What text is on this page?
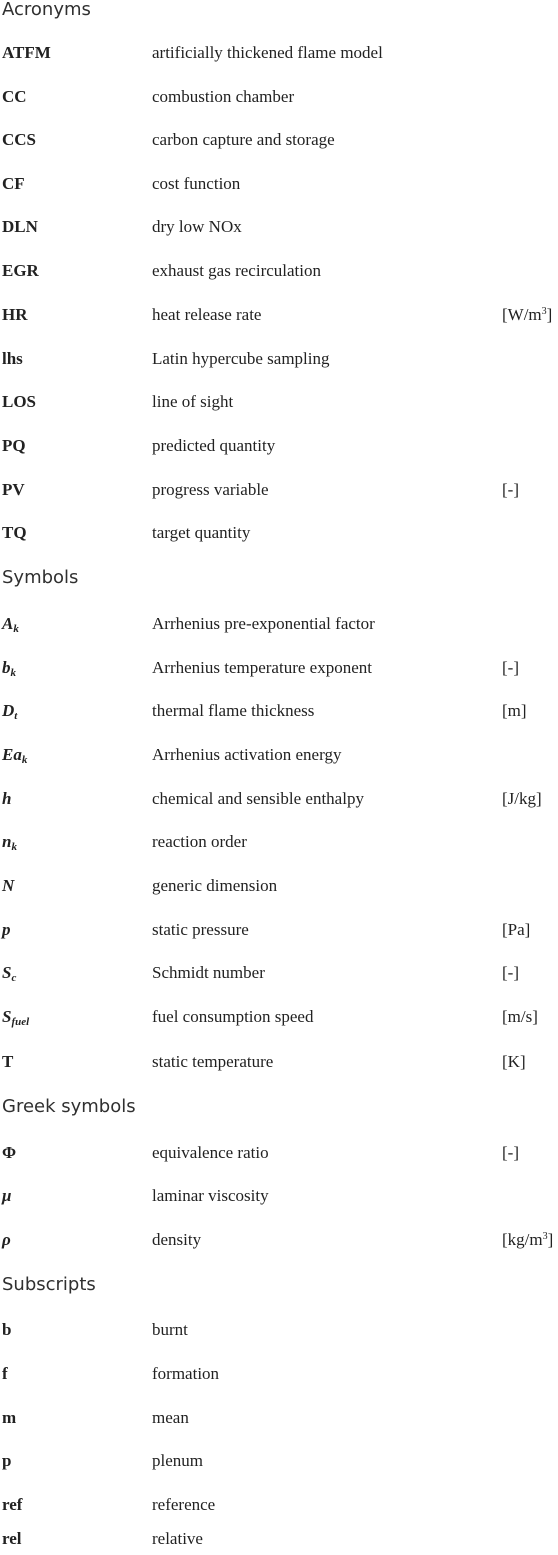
Acronyms
ATFM	artificially thickened flame model
CC	combustion chamber
CCS	carbon capture and storage
CF	cost function
DLN	dry low NOx
EGR	exhaust gas recirculation
HR	heat release rate	$[W/m^3]$
lhs	Latin hypercube sampling
LOS	line of sight
PQ	predicted quantity
PV	progress variable	[-]
TQ	target quantity
Symbols
$A_k$	Arrhenius pre-exponential factor
$b_k$	Arrhenius temperature exponent	[-]
$D_t$	thermal flame thickness	[m]
$Ea_k$	Arrhenius activation energy
h	chemical and sensible enthalpy	[J/kg]
$n_k$	reaction order
N	generic dimension
p	static pressure	[Pa]
$S_c$	Schmidt number	[-]
$S_{fuel}$	fuel consumption speed	[m/s]
T	static temperature	[K]
Greek symbols
Φ	equivalence ratio	[-]
μ	laminar viscosity
ρ	density	$[kg/m^3]$
Subscripts
b	burnt
f	formation
m	mean
p	plenum
ref	reference
rel	relative
